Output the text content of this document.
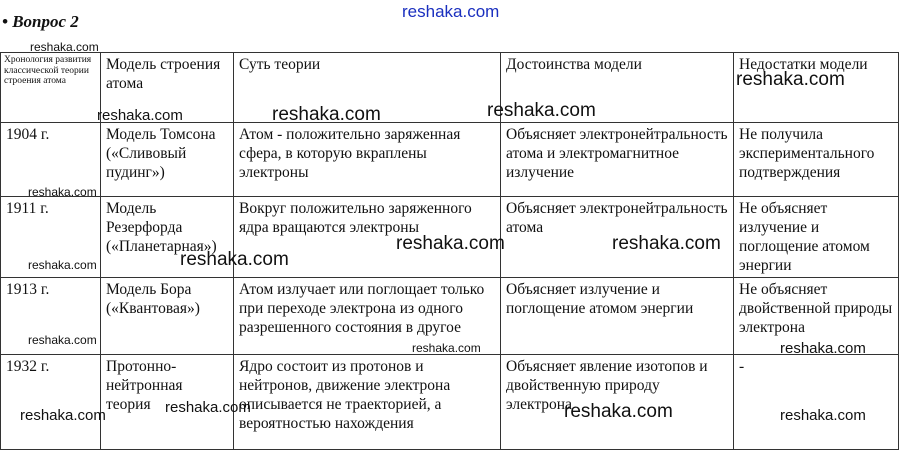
reshaka.com

• Вопрос 2

Хронология развития классической теории строения атома	Модель строения атома	Суть теории	Достоинства модели	Недостатки модели
1904 г.	Модель Томсона («Сливовый пудинг»)	Атом - положительно заряженная сфера, в которую вкраплены электроны	Объясняет электронейтральность атома и электромагнитное излучение	Не получила экспериментального подтверждения
1911 г.	Модель Резерфорда («Планетарная»)	Вокруг положительно заряженного ядра вращаются электроны	Объясняет электронейтральность атома	Не объясняет излучение и поглощение атомом энергии
1913 г.	Модель Бора («Квантовая»)	Атом излучает или поглощает только при переходе электрона из одного разрешенного состояния в другое	Объясняет излучение и поглощение атомом энергии	Не объясняет двойственной природы электрона
1932 г.	Протонно-нейтронная теория	Ядро состоит из протонов и нейтронов, движение электрона описывается не траекторией, а вероятностью нахождения	Объясняет явление изотопов и двойственную природу электрона	-
reshaka.com
reshaka.com
reshaka.com	reshaka.com	reshaka.com
reshaka.com
reshaka.com	reshaka.com
reshaka.com
reshaka.com
reshaka.com
reshaka.com	reshaka.com
reshaka.com
reshaka.com	reshaka.com	reshaka.com
